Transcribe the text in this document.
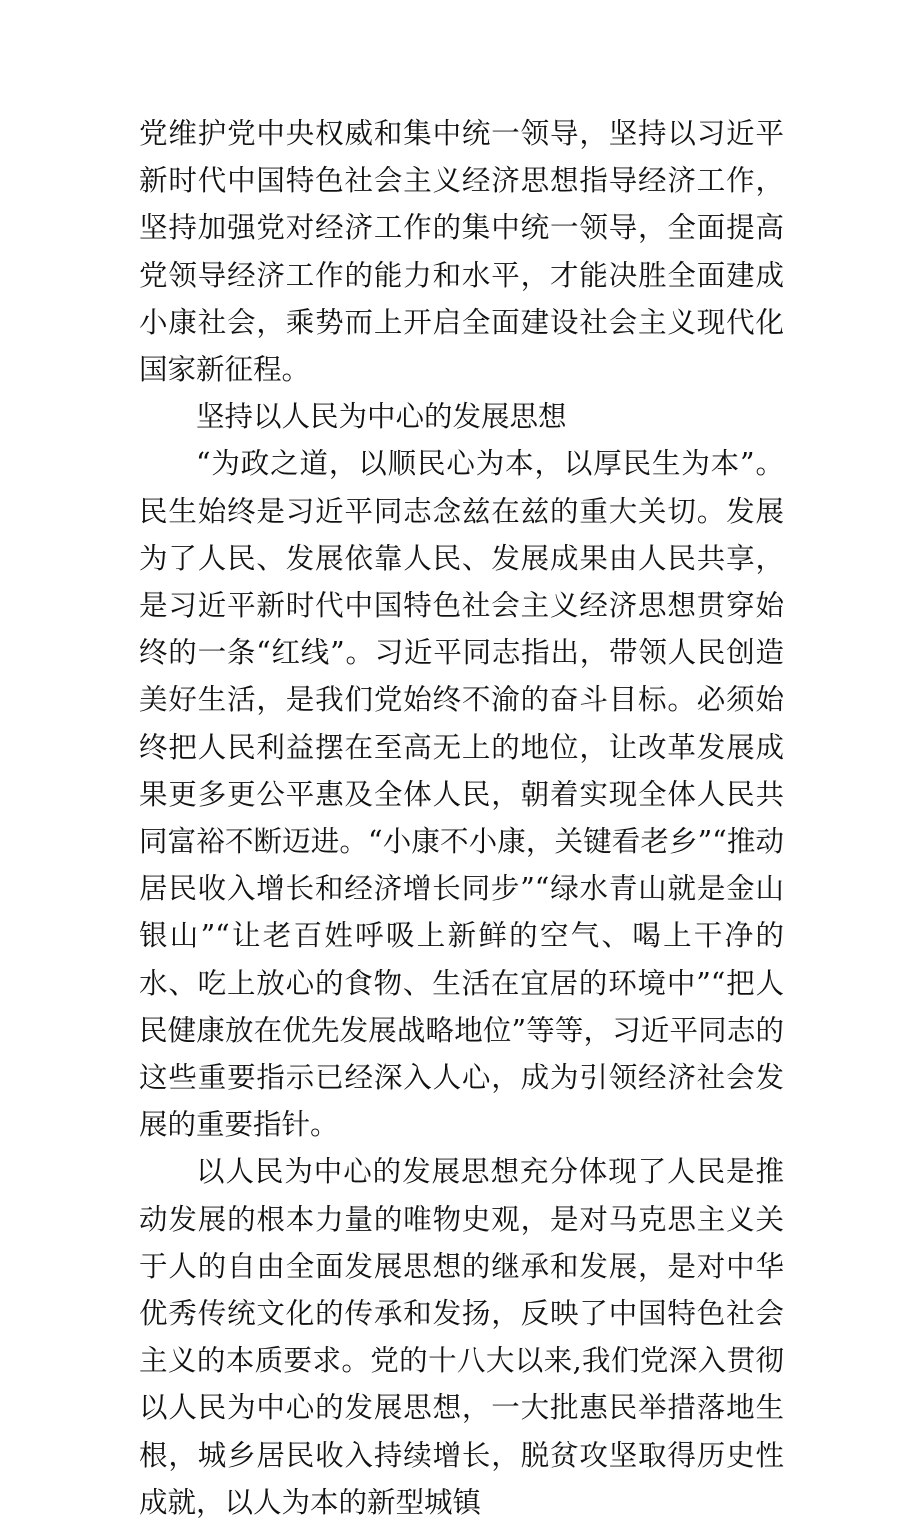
党维护党中央权威和集中统一领导，坚持以习近平新时代中国特色社会主义经济思想指导经济工作，坚持加强党对经济工作的集中统一领导，全面提高党领导经济工作的能力和水平，才能决胜全面建成小康社会，乘势而上开启全面建设社会主义现代化国家新征程。

坚持以人民为中心的发展思想

“为政之道，以顺民心为本，以厚民生为本”。民生始终是习近平同志念兹在兹的重大关切。发展为了人民、发展依靠人民、发展成果由人民共享，是习近平新时代中国特色社会主义经济思想贯穿始终的一条“红线”。习近平同志指出，带领人民创造美好生活，是我们党始终不渝的奋斗目标。必须始终把人民利益摆在至高无上的地位，让改革发展成果更多更公平惠及全体人民，朝着实现全体人民共同富裕不断迈进。“小康不小康，关键看老乡”“推动居民收入增长和经济增长同步”“绿水青山就是金山银山”“让老百姓呼吸上新鲜的空气、喝上干净的水、吃上放心的食物、生活在宜居的环境中”“把人民健康放在优先发展战略地位”等等，习近平同志的这些重要指示已经深入人心，成为引领经济社会发展的重要指针。

以人民为中心的发展思想充分体现了人民是推动发展的根本力量的唯物史观，是对马克思主义关于人的自由全面发展思想的继承和发展，是对中华优秀传统文化的传承和发扬，反映了中国特色社会主义的本质要求。党的十八大以来,我们党深入贯彻以人民为中心的发展思想，一大批惠民举措落地生根，城乡居民收入持续增长，脱贫攻坚取得历史性成就，以人为本的新型城镇
